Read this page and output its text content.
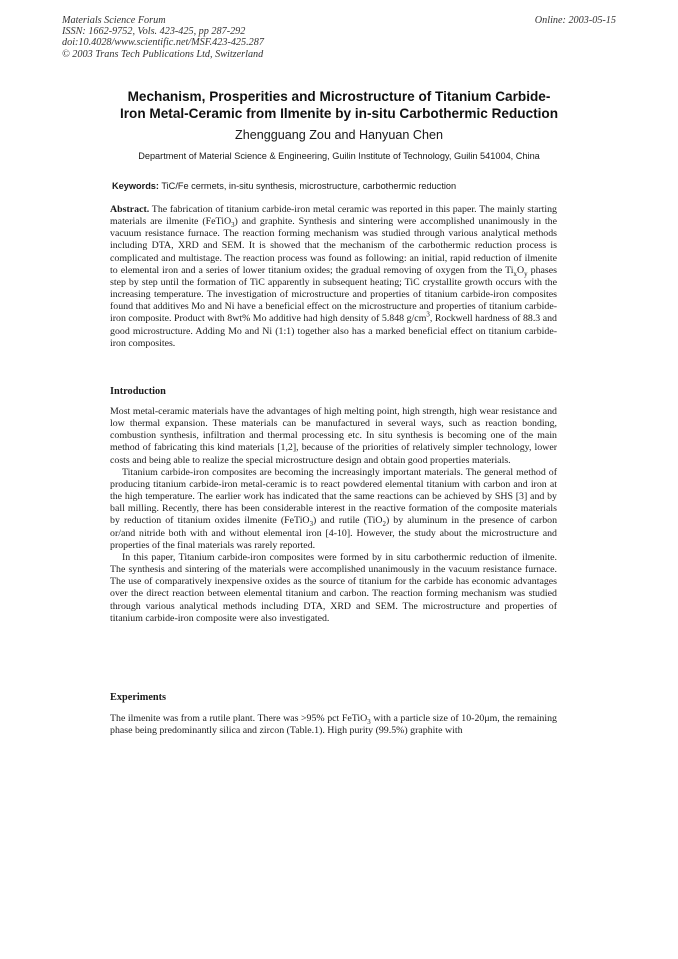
Materials Science Forum
ISSN: 1662-9752, Vols. 423-425, pp 287-292
doi:10.4028/www.scientific.net/MSF.423-425.287
© 2003 Trans Tech Publications Ltd, Switzerland
Online: 2003-05-15
Mechanism, Prosperities and Microstructure of Titanium Carbide-
Iron Metal-Ceramic from Ilmenite by in-situ Carbothermic Reduction
Zhengguang Zou and Hanyuan Chen
Department of Material Science & Engineering, Guilin Institute of Technology, Guilin 541004, China
Keywords: TiC/Fe cermets, in-situ synthesis, microstructure, carbothermic reduction

Abstract. The fabrication of titanium carbide-iron metal ceramic was reported in this paper. The mainly starting materials are ilmenite (FeTiO$_3$) and graphite. Synthesis and sintering were accomplished unanimously in the vacuum resistance furnace. The reaction forming mechanism was studied through various analytical methods including DTA, XRD and SEM. It is showed that the mechanism of the carbothermic reduction process is complicated and multistage. The reaction process was found as following: an initial, rapid reduction of ilmenite to elemental iron and a series of lower titanium oxides; the gradual removing of oxygen from the $Ti_xO_y$ phases step by step until the formation of TiC apparently in subsequent heating; TiC crystallite growth occurs with the increasing temperature. The investigation of microstructure and properties of titanium carbide-iron composites found that additives Mo and Ni have a beneficial effect on the microstructure and properties of titanium carbide-iron composite. Product with 8wt% Mo additive had high density of 5.848 $g/cm^3$, Rockwell hardness of 88.3 and good microstructure. Adding Mo and Ni (1:1) together also has a marked beneficial effect on titanium carbide-iron composites.

Introduction

Most metal-ceramic materials have the advantages of high melting point, high strength, high wear resistance and low thermal expansion. These materials can be manufactured in several ways, such as reaction bonding, combustion synthesis, infiltration and thermal processing etc. In situ synthesis is becoming one of the main method of fabricating this kind materials [1,2], because of the priorities of relatively simpler technology, lower costs and being able to realize the special microstructure design and obtain good properties materials.

Titanium carbide-iron composites are becoming the increasingly important materials. The general method of producing titanium carbide-iron metal-ceramic is to react powdered elemental titanium with carbon and iron at the high temperature. The earlier work has indicated that the same reactions can be achieved by SHS [3] and by ball milling. Recently, there has been considerable interest in the reactive formation of the composite materials by reduction of titanium oxides ilmenite (FeTiO$_3$) and rutile (TiO$_2$) by aluminum in the presence of carbon or/and nitride both with and without elemental iron [4-10]. However, the study about the microstructure and properties of the final materials was rarely reported.

In this paper, Titanium carbide-iron composites were formed by in situ carbothermic reduction of ilmenite. The synthesis and sintering of the materials were accomplished unanimously in the vacuum resistance furnace. The use of comparatively inexpensive oxides as the source of titanium for the carbide has economic advantages over the direct reaction between elemental titanium and carbon. The reaction forming mechanism was studied through various analytical methods including DTA, XRD and SEM. The microstructure and properties of titanium carbide-iron composite were also investigated.

Experiments

The ilmenite was from a rutile plant. There was >95% pct FeTiO$_3$ with a particle size of 10-20μm, the remaining phase being predominantly silica and zircon (Table.1). High purity (99.5%) graphite with
